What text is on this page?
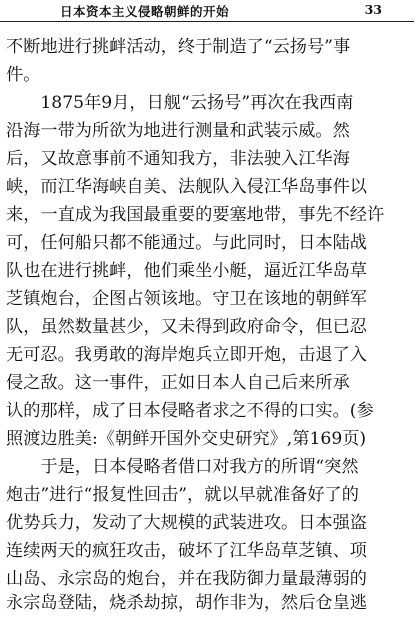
日本资本主义侵略朝鲜的开始	33
不断地进行挑衅活动，终于制造了“云扬号”事
件。
　　1875年9月，日舰“云扬号”再次在我西南
沿海一带为所欲为地进行测量和武装示威。然
后，又故意事前不通知我方，非法驶入江华海
峡，而江华海峡自美、法舰队入侵江华岛事件以
来，一直成为我国最重要的要塞地带，事先不经许
可，任何船只都不能通过。与此同时，日本陆战
队也在进行挑衅，他们乘坐小艇，逼近江华岛草
芝镇炮台，企图占领该地。守卫在该地的朝鲜军
队，虽然数量甚少，又未得到政府命令，但已忍
无可忍。我勇敢的海岸炮兵立即开炮，击退了入
侵之敌。这一事件，正如日本人自己后来所承
认的那样，成了日本侵略者求之不得的口实。(参
照渡边胜美:《朝鲜开国外交史研究》,第169页)
　　于是，日本侵略者借口对我方的所谓“突然
炮击”进行“报复性回击”，就以早就准备好了的
优势兵力，发动了大规模的武装进攻。日本强盗
连续两天的疯狂攻击，破坏了江华岛草芝镇、项
山岛、永宗岛的炮台，并在我防御力量最薄弱的
永宗岛登陆，烧杀劫掠，胡作非为，然后仓皇逃
